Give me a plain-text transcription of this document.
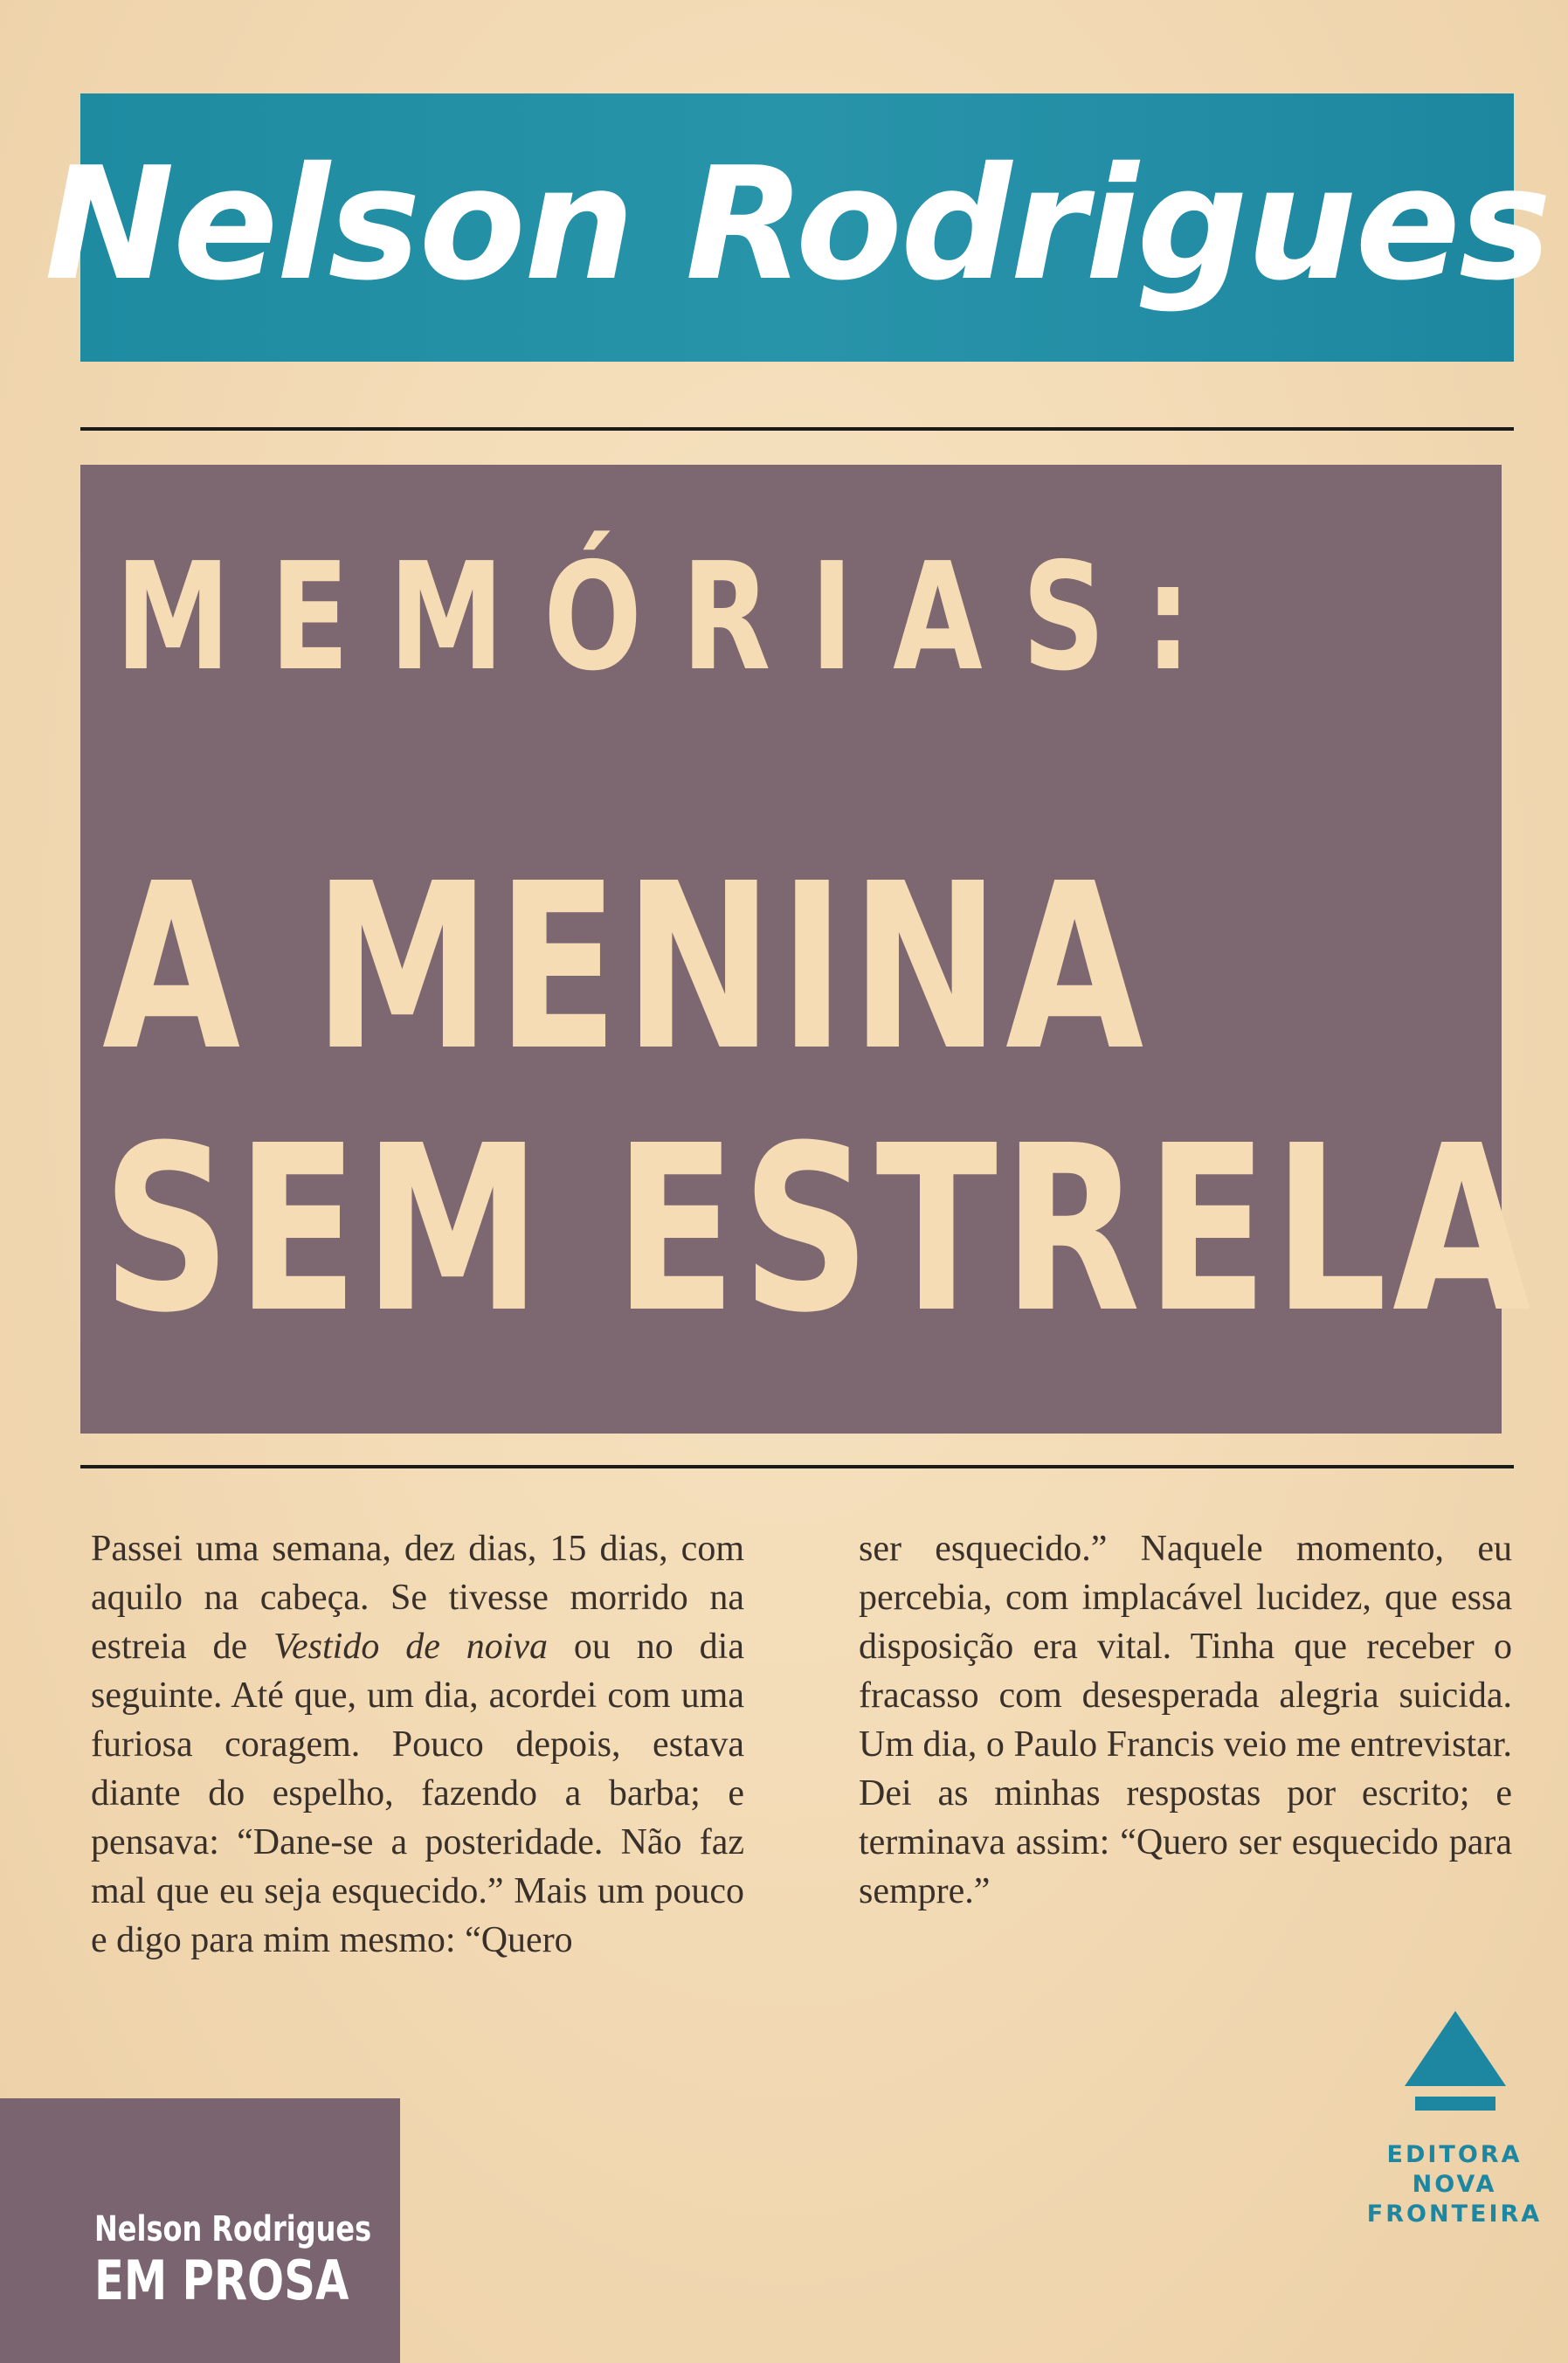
Nelson Rodrigues
MEMÓRIAS:
A MENINA
SEM ESTRELA
Passei uma semana, dez dias, 15 dias, com aquilo na cabeça. Se tivesse morrido na estreia de Vestido de noiva ou no dia seguinte. Até que, um dia, acordei com uma furiosa coragem. Pouco depois, estava diante do espelho, fazendo a barba; e pensava: “Dane-se a posteridade. Não faz mal que eu seja esquecido.” Mais um pouco e digo para mim mesmo: “Quero
ser esquecido.” Naquele momento, eu percebia, com implacável lucidez, que essa disposição era vital. Tinha que receber o fracasso com desesperada alegria suicida. Um dia, o Paulo Francis veio me entrevistar. Dei as minhas respostas por escrito; e terminava assim: “Quero ser esquecido para sempre.”
Nelson Rodrigues
EM PROSA
EDITORA
NOVA
FRONTEIRA
